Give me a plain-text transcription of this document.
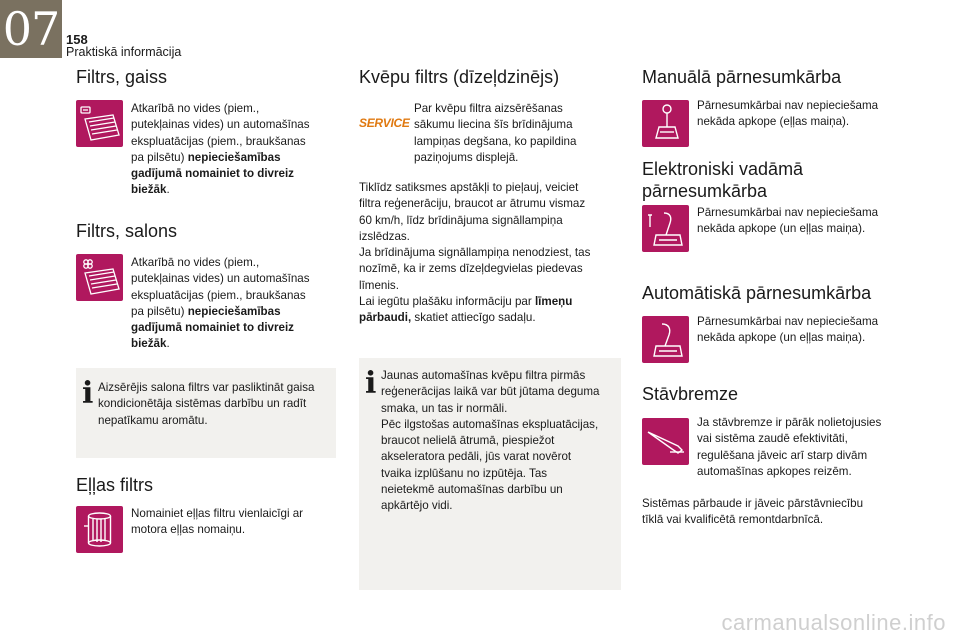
07 158
Praktiskā informācija
Filtrs, gaiss
Atkarībā no vides (piem.,
putekļainas vides) un automašīnas
ekspluatācijas (piem., braukšanas
pa pilsētu) nepieciešamības
gadījumā nomainiet to divreiz
biežāk.
Filtrs, salons
Atkarībā no vides (piem.,
putekļainas vides) un automašīnas
ekspluatācijas (piem., braukšanas
pa pilsētu) nepieciešamības
gadījumā nomainiet to divreiz
biežāk.
i Aizsērējis salona filtrs var pasliktināt gaisa
kondicionētāja sistēmas darbību un radīt
nepatīkamu aromātu.
Eļļas filtrs
Nomainiet eļļas filtru vienlaicīgi ar
motora eļļas nomaiņu.
Kvēpu filtrs (dīzeļdzinējs)
SERVICE
Par kvēpu filtra aizsērēšanas
sākumu liecina šīs brīdinājuma
lampiņas degšana, ko papildina
paziņojums displejā.
Tiklīdz satiksmes apstākļi to pieļauj, veiciet
filtra reģenerāciju, braucot ar ātrumu vismaz
60 km/h, līdz brīdinājuma signāllampiņa
izslēdzas.
Ja brīdinājuma signāllampiņa nenodziest, tas
nozīmē, ka ir zems dīzeļdegvielas piedevas
līmenis.
Lai iegūtu plašāku informāciju par līmeņu
pārbaudi, skatiet attiecīgo sadaļu.
i Jaunas automašīnas kvēpu filtra pirmās
reģenerācijas laikā var būt jūtama deguma
smaka, un tas ir normāli.
Pēc ilgstošas automašīnas ekspluatācijas,
braucot nelielā ātrumā, piespiežot
akseleratora pedāli, jūs varat novērot
tvaika izplūšanu no izpūtēja. Tas
neietekmē automašīnas darbību un
apkārtējo vidi.
Manuālā pārnesumkārba
Pārnesumkārbai nav nepieciešama
nekāda apkope (eļļas maiņa).
Elektroniski vadāmā
pārnesumkārba
Pārnesumkārbai nav nepieciešama
nekāda apkope (un eļļas maiņa).
Automātiskā pārnesumkārba
Pārnesumkārbai nav nepieciešama
nekāda apkope (un eļļas maiņa).
Stāvbremze
Ja stāvbremze ir pārāk nolietojusies
vai sistēma zaudē efektivitāti,
regulēšana jāveic arī starp divām
automašīnas apkopes reizēm.
Sistēmas pārbaude ir jāveic pārstāvniecību
tīklā vai kvalificētā remontdarbnīcā.
carmanualsonline.info
